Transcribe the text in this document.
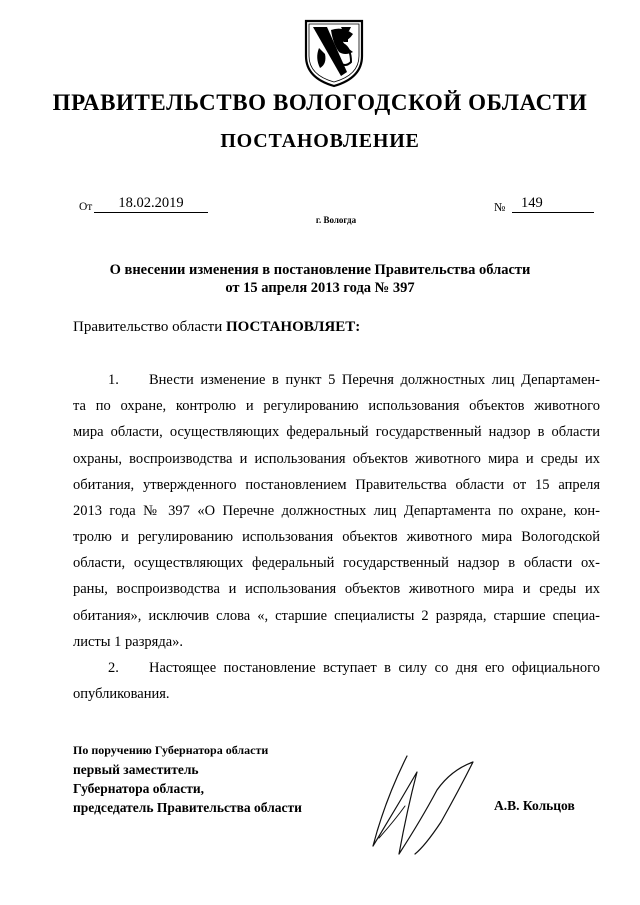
ПРАВИТЕЛЬСТВО ВОЛОГОДСКОЙ ОБЛАСТИ
ПОСТАНОВЛЕНИЕ
От	18.02.2019	№	149
г. Вологда
О внесении изменения в постановление Правительства области
от 15 апреля 2013 года № 397
Правительство области ПОСТАНОВЛЯЕТ:
1. Внести изменение в пункт 5 Перечня должностных лиц Департамен-
та по охране, контролю и регулированию использования объектов животного
мира области, осуществляющих федеральный государственный надзор в области
охраны, воспроизводства и использования объектов животного мира и среды их
обитания, утвержденного постановлением Правительства области от 15 апреля
2013 года № 397 «О Перечне должностных лиц Департамента по охране, кон-
тролю и регулированию использования объектов животного мира Вологодской
области, осуществляющих федеральный государственный надзор в области ох-
раны, воспроизводства и использования объектов животного мира и среды их
обитания», исключив слова «, старшие специалисты 2 разряда, старшие специа-
листы 1 разряда».
2. Настоящее постановление вступает в силу со дня его официального
опубликования.
По поручению Губернатора области
первый заместитель
Губернатора области,
председатель Правительства области	А.В. Кольцов
